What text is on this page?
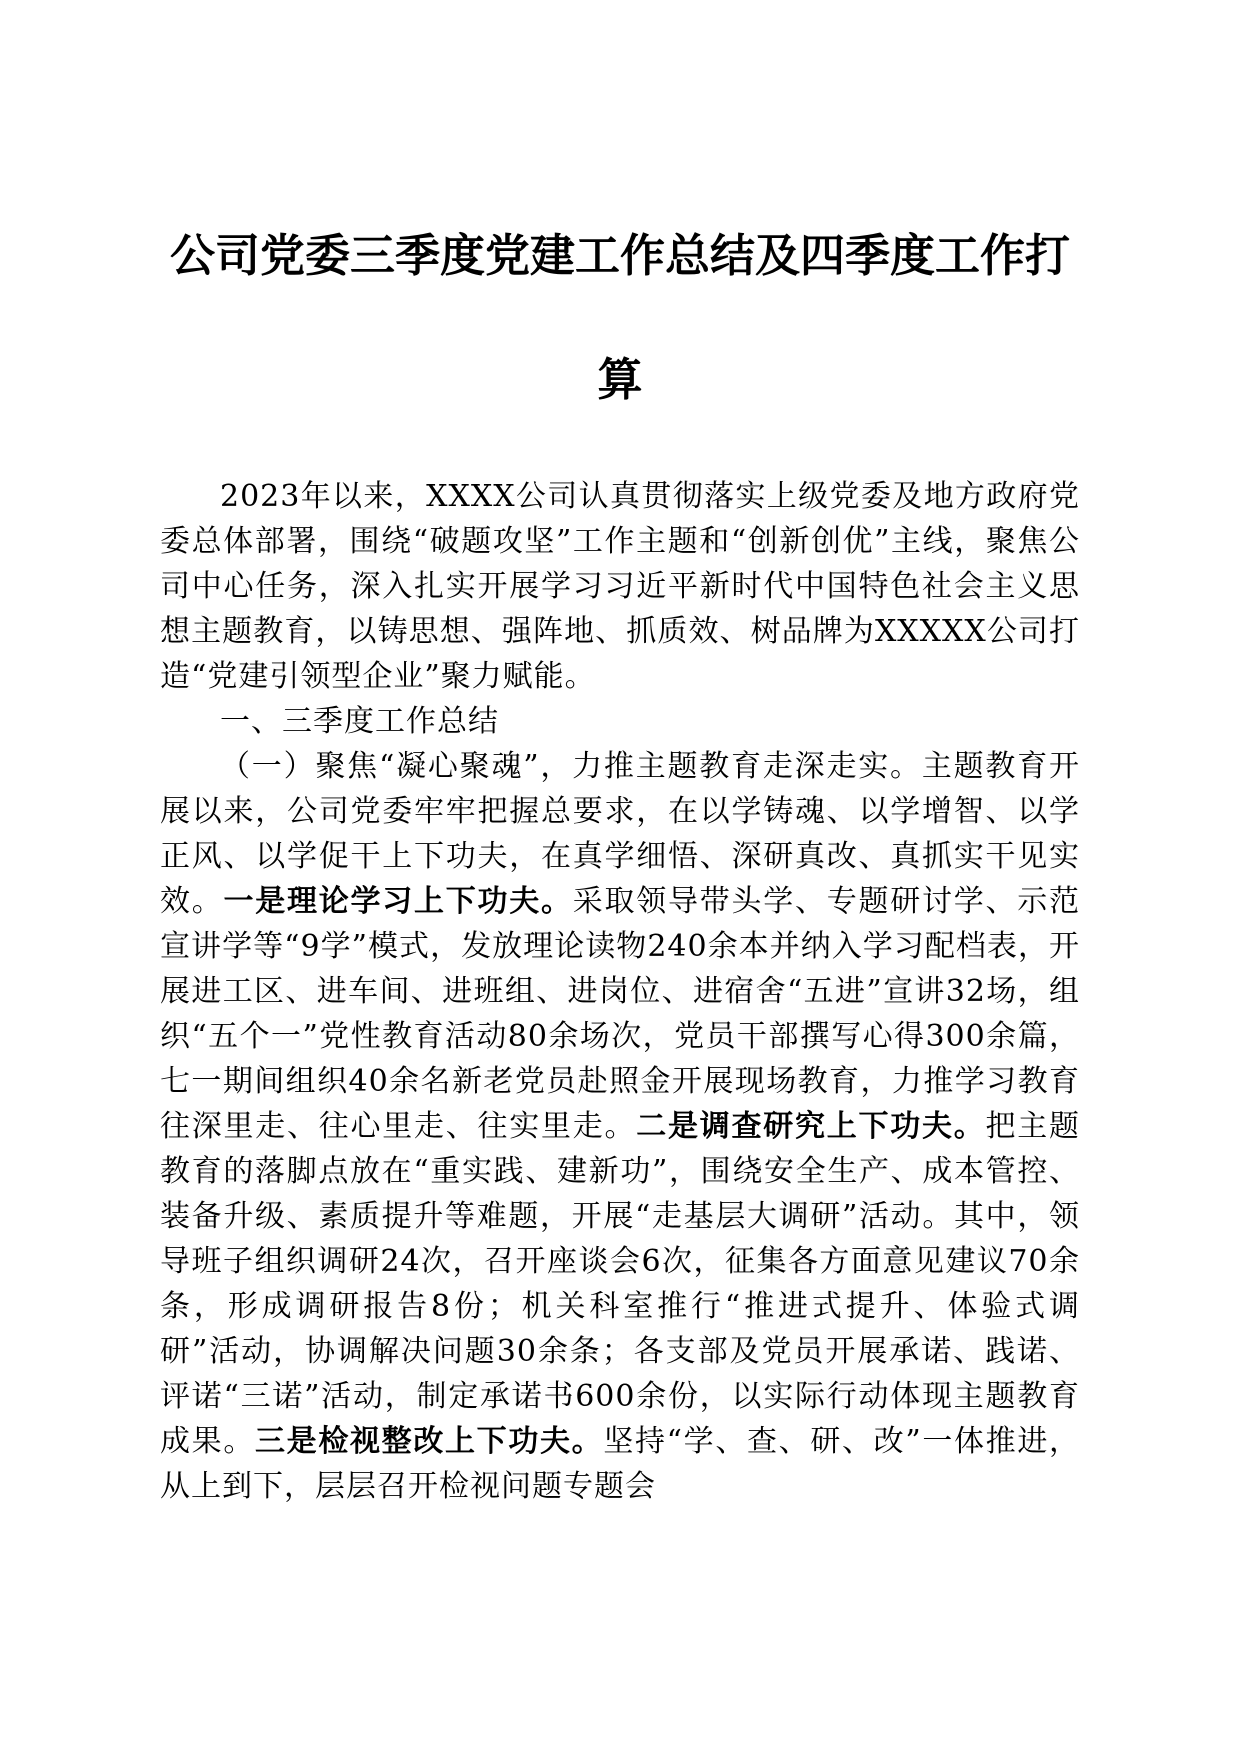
公司党委三季度党建工作总结及四季度工作打
算

2023年以来，XXXX公司认真贯彻落实上级党委及地方政府党委总体部署，围绕“破题攻坚”工作主题和“创新创优”主线，聚焦公司中心任务，深入扎实开展学习习近平新时代中国特色社会主义思想主题教育，以铸思想、强阵地、抓质效、树品牌为XXXXX公司打造“党建引领型企业”聚力赋能。

一、三季度工作总结

（一）聚焦“凝心聚魂”，力推主题教育走深走实。主题教育开展以来，公司党委牢牢把握总要求，在以学铸魂、以学增智、以学正风、以学促干上下功夫，在真学细悟、深研真改、真抓实干见实效。一是理论学习上下功夫。采取领导带头学、专题研讨学、示范宣讲学等“9学”模式，发放理论读物240余本并纳入学习配档表，开展进工区、进车间、进班组、进岗位、进宿舍“五进”宣讲32场，组织“五个一”党性教育活动80余场次，党员干部撰写心得300余篇，七一期间组织40余名新老党员赴照金开展现场教育，力推学习教育往深里走、往心里走、往实里走。二是调查研究上下功夫。把主题教育的落脚点放在“重实践、建新功”，围绕安全生产、成本管控、装备升级、素质提升等难题，开展“走基层大调研”活动。其中，领导班子组织调研24次，召开座谈会6次，征集各方面意见建议70余条，形成调研报告8份；机关科室推行“推进式提升、体验式调研”活动，协调解决问题30余条；各支部及党员开展承诺、践诺、评诺“三诺”活动，制定承诺书600余份，以实际行动体现主题教育成果。三是检视整改上下功夫。坚持“学、查、研、改”一体推进，从上到下，层层召开检视问题专题会
